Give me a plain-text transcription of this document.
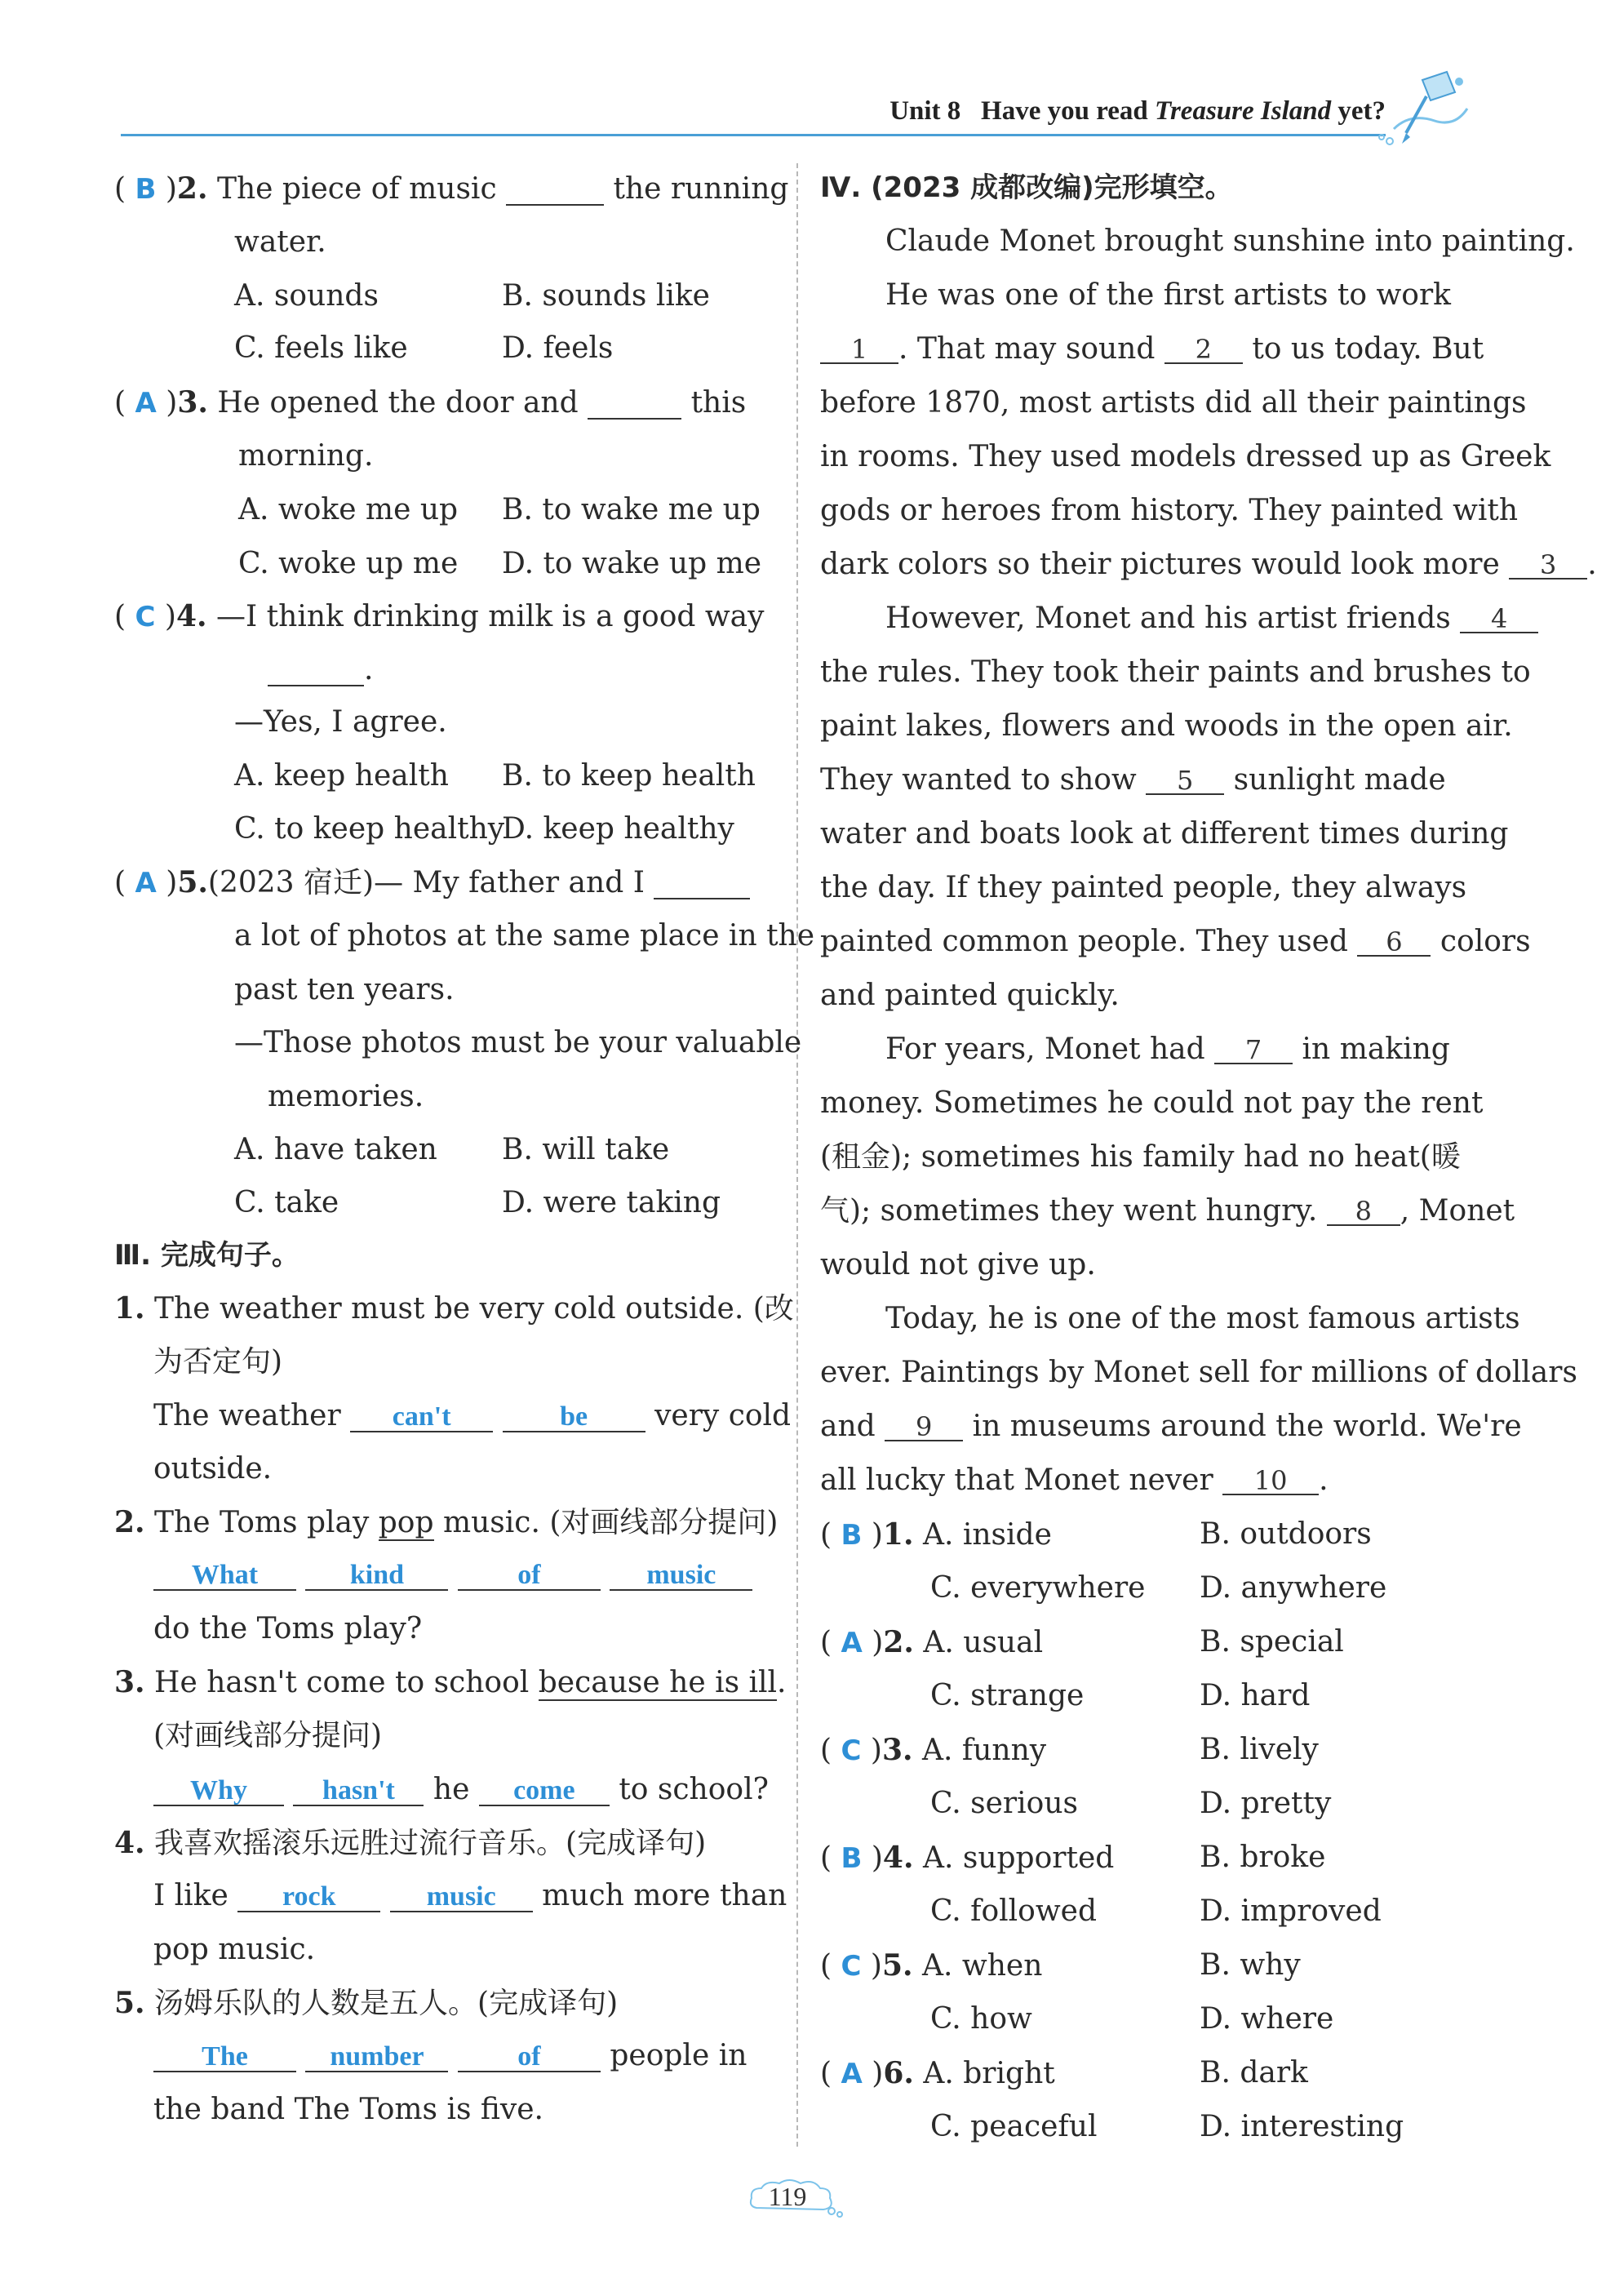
Unit 8 Have you read Treasure Island yet?
( B )2. The piece of music	the running
water.
A. sounds	B. sounds like
C. feels like	D. feels
( A )3. He opened the door and	this
morning.
A. woke me up B. to wake me up
C. woke up me D. to wake up me
( C )4. —I think drinking milk is a good way
.
—Yes, I agree.
A. keep health B. to keep health
C. to keep healthy
D. keep healthy
( A )5.(2023 宿迁)— My father and I
a lot of photos at the same place in the
past ten years.
—Those photos must be your valuable
memories.
A. have taken B. will take
C. take	D. were taking
Ⅲ. 完成句子。
1. The weather must be very cold outside. (改
为否定句)
The weather can't	be very cold
outside.
2. The Toms play pop music. (对画线部分提问)
What	kind	of	music
do the Toms play?
3. He hasn't come to school because he is ill.
(对画线部分提问)
Why	hasn't he come to school?
4. 我喜欢摇滚乐远胜过流行音乐。(完成译句)
I like rock	music much more than
pop music.
5. 汤姆乐队的人数是五人。(完成译句)
The	number	of people in
the band The Toms is five.
Ⅳ. (2023 成都改编)完形填空。
Claude Monet brought sunshine into painting.
He was one of the first artists to work
1 . That may sound 2 to us today. But
before 1870, most artists did all their paintings
in rooms. They used models dressed up as Greek
gods or heroes from history. They painted with
dark colors so their pictures would look more 3 .
However, Monet and his artist friends 4
the rules. They took their paints and brushes to
paint lakes, flowers and woods in the open air.
They wanted to show 5 sunlight made
water and boats look at different times during
the day. If they painted people, they always
painted common people. They used 6 colors
and painted quickly.
For years, Monet had 7 in making
money. Sometimes he could not pay the rent
(租金); sometimes his family had no heat(暖
气); sometimes they went hungry. 8 , Monet
would not give up.
Today, he is one of the most famous artists
ever. Paintings by Monet sell for millions of dollars
and 9 in museums around the world. We're
all lucky that Monet never 10 .
( B )1. A. inside	B. outdoors
C. everywhere D. anywhere
( A )2. A. usual	B. special
C. strange	D. hard
( C )3. A. funny	B. lively
C. serious	D. pretty
( B )4. A. supported	B. broke
C. followed	D. improved
( C )5. A. when	B. why
C. how	D. where
( A )6. A. bright	B. dark
C. peaceful	D. interesting
119
